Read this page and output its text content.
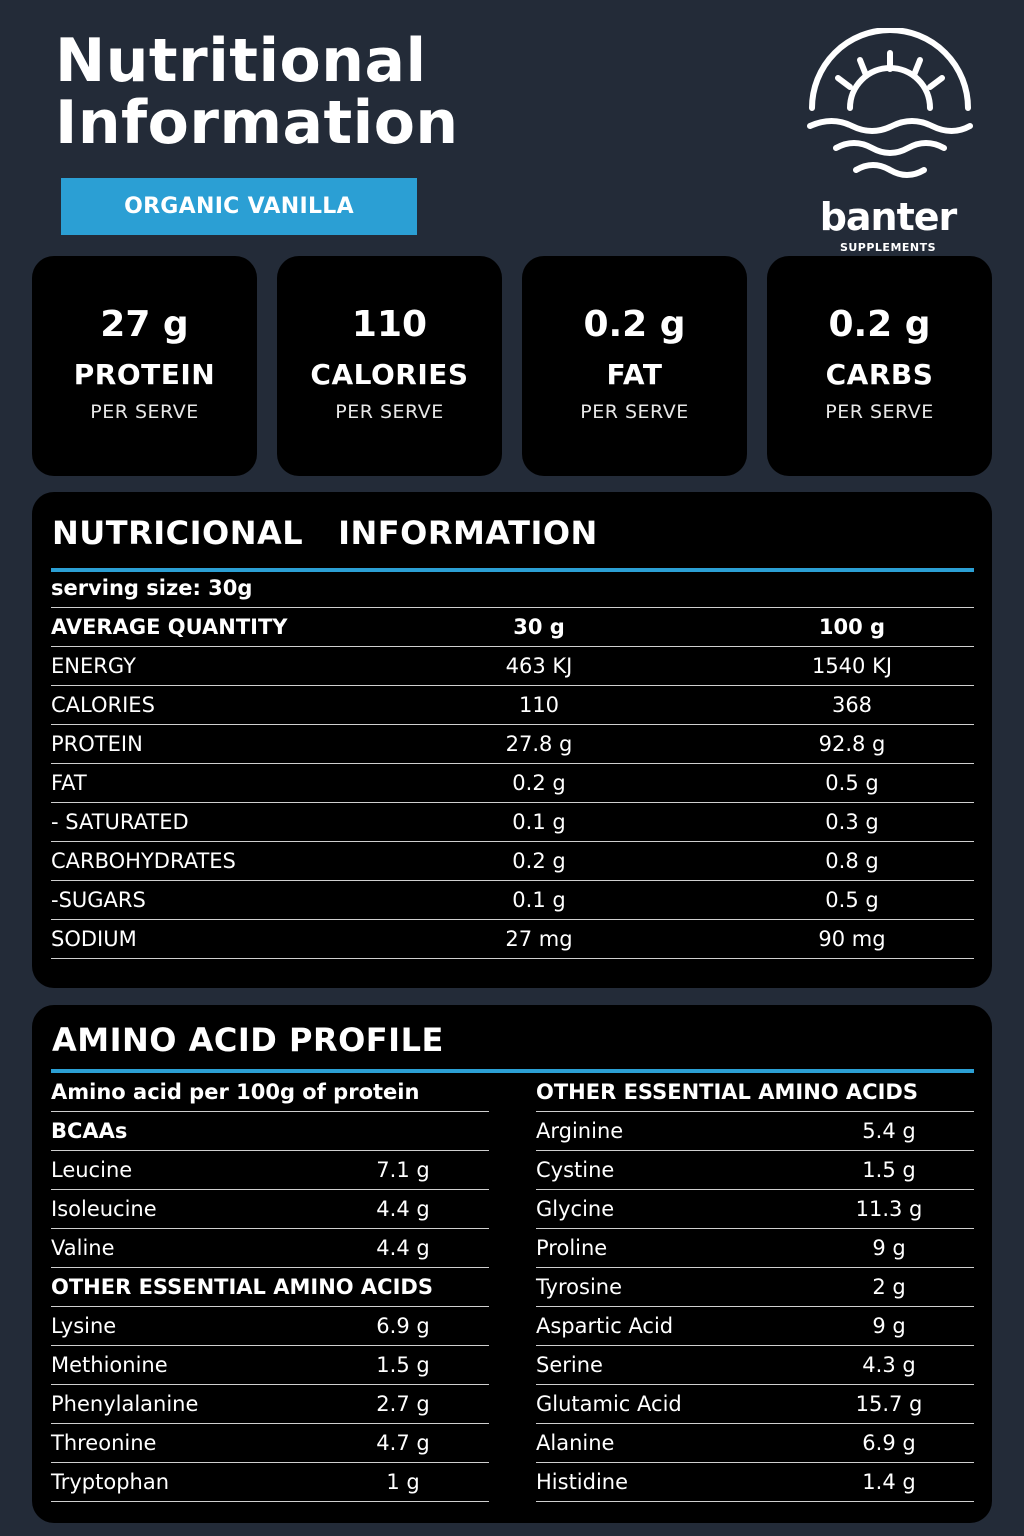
Nutritional
Information
ORGANIC VANILLA	banter
SUPPLEMENTS
27 g
PROTEIN
PER SERVE
110
CALORIES
PER SERVE
0.2 g
FAT
PER SERVE
0.2 g
CARBS
PER SERVE
NUTRICIONAL   INFORMATION
serving size: 30g
AVERAGE QUANTITY	30 g	100 g
ENERGY	463 KJ	1540 KJ
CALORIES	110	368
PROTEIN	27.8 g	92.8 g
FAT	0.2 g	0.5 g
- SATURATED	0.1 g	0.3 g
CARBOHYDRATES	0.2 g	0.8 g
-SUGARS	0.1 g	0.5 g
SODIUM	27 mg	90 mg
AMINO ACID PROFILE
Amino acid per 100g of protein
BCAAs
Leucine	7.1 g
Isoleucine	4.4 g
Valine	4.4 g
OTHER ESSENTIAL AMINO ACIDS
Lysine	6.9 g
Methionine	1.5 g
Phenylalanine	2.7 g
Threonine	4.7 g
Tryptophan	1 g
OTHER ESSENTIAL AMINO ACIDS
Arginine	5.4 g
Cystine	1.5 g
Glycine	11.3 g
Proline	9 g
Tyrosine	2 g
Aspartic Acid	9 g
Serine	4.3 g
Glutamic Acid	15.7 g
Alanine	6.9 g
Histidine	1.4 g
